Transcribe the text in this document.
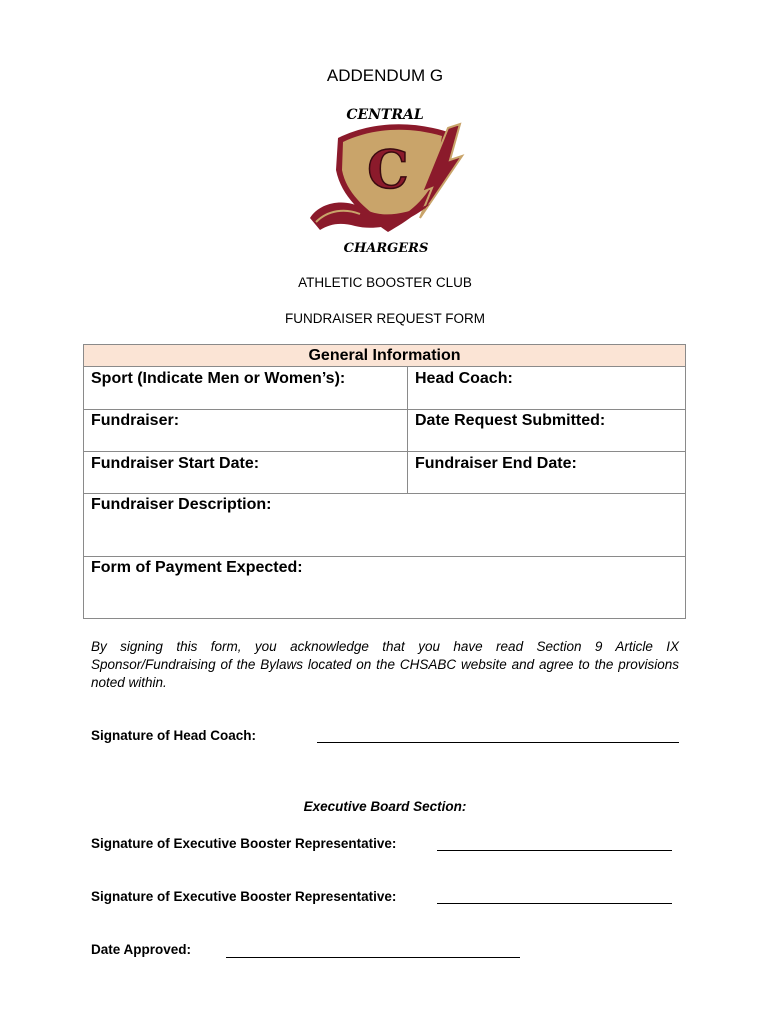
ADDENDUM G
CENTRAL
C
CHARGERS
ATHLETIC BOOSTER CLUB
FUNDRAISER REQUEST FORM
General Information
Sport (Indicate Men or Women’s):	Head Coach:
Fundraiser:	Date Request Submitted:
Fundraiser Start Date:	Fundraiser End Date:
Fundraiser Description:
Form of Payment Expected:
By signing this form, you acknowledge that you have read Section 9 Article IX Sponsor/Fundraising of the Bylaws located on the CHSABC website and agree to the provisions noted within.
Signature of Head Coach:
Executive Board Section:
Signature of Executive Booster Representative:
Signature of Executive Booster Representative:
Date Approved:
